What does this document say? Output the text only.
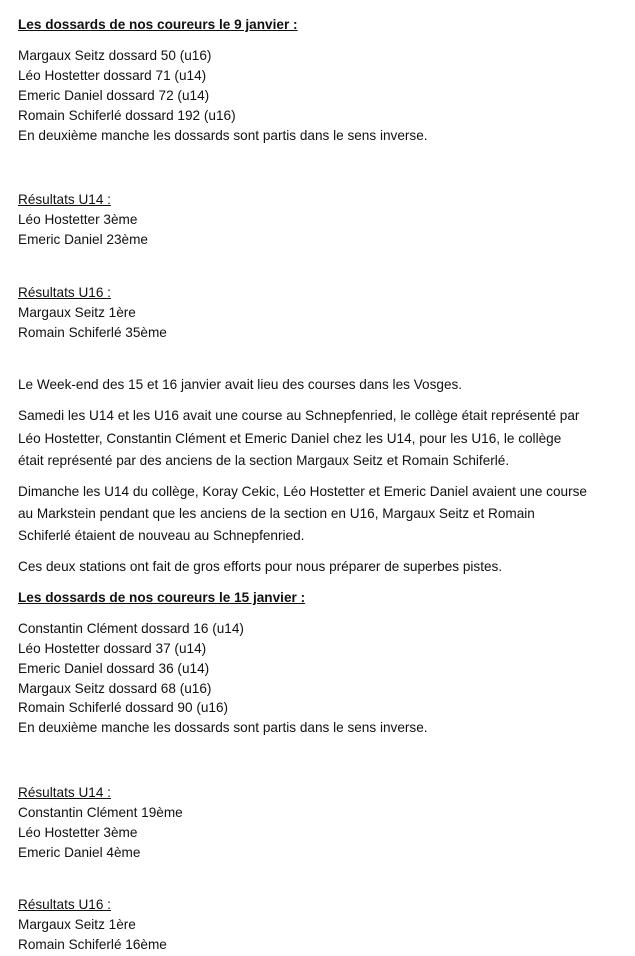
Les dossards de nos coureurs le 9 janvier :
Margaux Seitz dossard 50 (u16)
Léo Hostetter dossard 71 (u14)
Emeric Daniel dossard 72 (u14)
Romain Schiferlé dossard 192 (u16)
En deuxième manche les dossards sont partis dans le sens inverse.
Résultats U14 :
Léo Hostetter 3ème
Emeric Daniel 23ème
Résultats U16 :
Margaux Seitz 1ère
Romain Schiferlé 35ème
Le Week-end des 15 et 16 janvier avait lieu des courses dans les Vosges.
Samedi les U14 et les U16 avait une course au Schnepfenried, le collège était représenté par
Léo Hostetter, Constantin Clément et Emeric Daniel chez les U14, pour les U16, le collège
était représenté par des anciens de la section Margaux Seitz et Romain Schiferlé.
Dimanche les U14 du collège, Koray Cekic, Léo Hostetter et Emeric Daniel avaient une course
au Markstein pendant que les anciens de la section en U16, Margaux Seitz et Romain
Schiferlé étaient de nouveau au Schnepfenried.
Ces deux stations ont fait de gros efforts pour nous préparer de superbes pistes.
Les dossards de nos coureurs le 15 janvier :
Constantin Clément dossard 16 (u14)
Léo Hostetter dossard 37 (u14)
Emeric Daniel dossard 36 (u14)
Margaux Seitz dossard 68 (u16)
Romain Schiferlé dossard 90 (u16)
En deuxième manche les dossards sont partis dans le sens inverse.
Résultats U14 :
Constantin Clément 19ème
Léo Hostetter 3ème
Emeric Daniel 4ème
Résultats U16 :
Margaux Seitz 1ère
Romain Schiferlé 16ème
